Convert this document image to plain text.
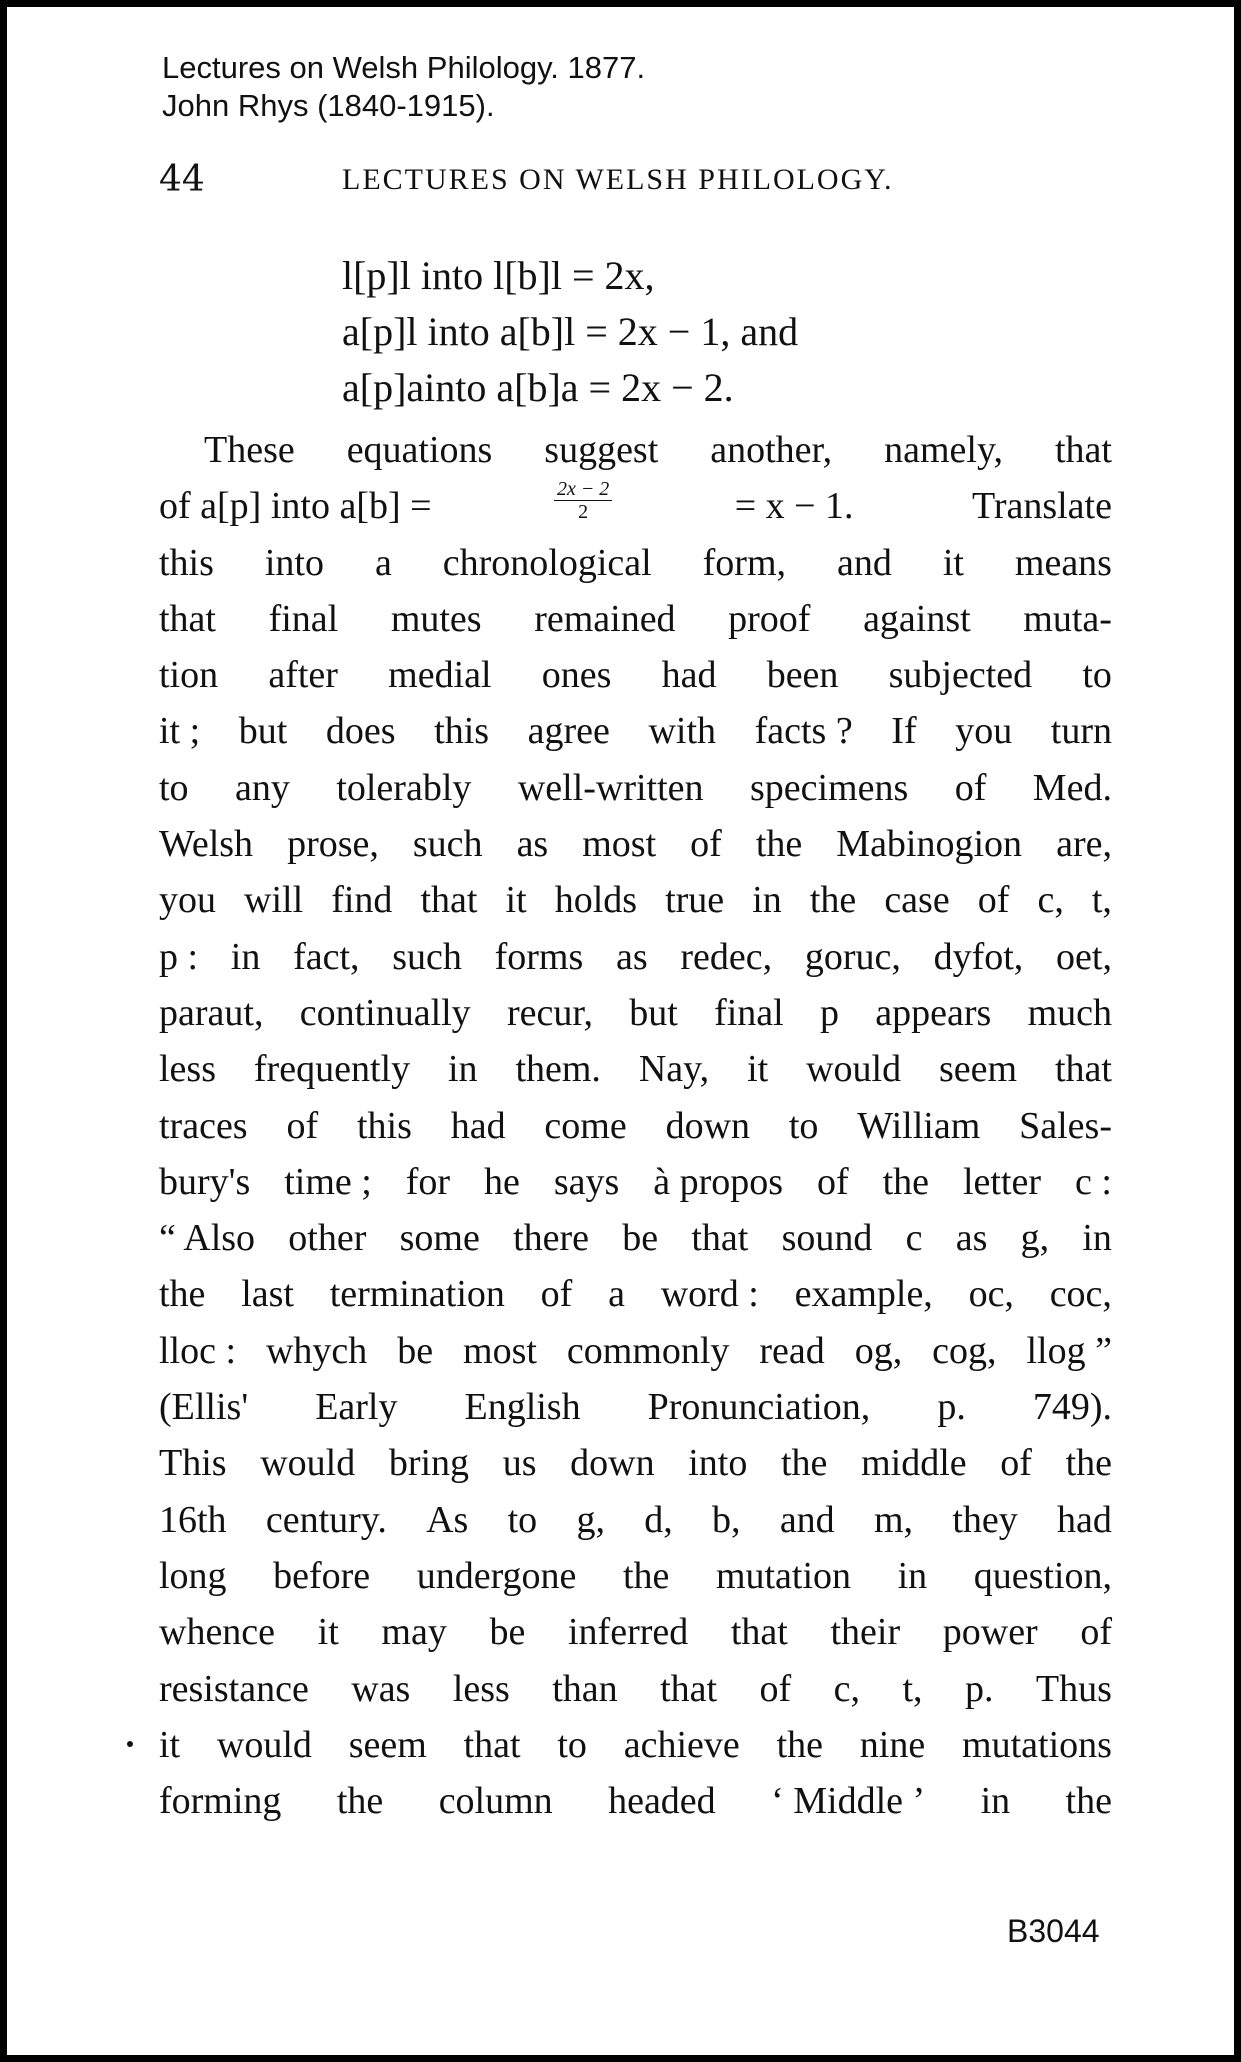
Lectures on Welsh Philology. 1877.
John Rhys (1840-1915).
44	LECTURES ON WELSH PHILOLOGY.
l[p]l into l[b]l = 2x,
a[p]l into a[b]l = 2x − 1, and
a[p]ainto a[b]a = 2x − 2.
These equations suggest another, namely, that
of a[p] into a[b] =	$\frac{2x - 2}{2}$	= x − 1.	Translate
this into a chronological form, and it means
that final mutes remained proof against muta-
tion after medial ones had been subjected to
it ; but does this agree with facts ? If you turn
to any tolerably well-written specimens of Med.
Welsh prose, such as most of the Mabinogion are,
you will find that it holds true in the case of c, t,
p : in fact, such forms as redec, goruc, dyfot, oet,
paraut, continually recur, but final p appears much
less frequently in them. Nay, it would seem that
traces of this had come down to William Sales-
bury's time ; for he says à propos of the letter c :
“ Also other some there be that sound c as g, in
the last termination of a word : example, oc, coc,
lloc : whych be most commonly read og, cog, llog ”
(Ellis' Early English Pronunciation, p. 749).
This would bring us down into the middle of the
16th century. As to g, d, b, and m, they had
long before undergone the mutation in question,
whence it may be inferred that their power of
resistance was less than that of c, t, p. Thus
it would seem that to achieve the nine mutations
forming the column headed ‘ Middle ’ in the
B3044
